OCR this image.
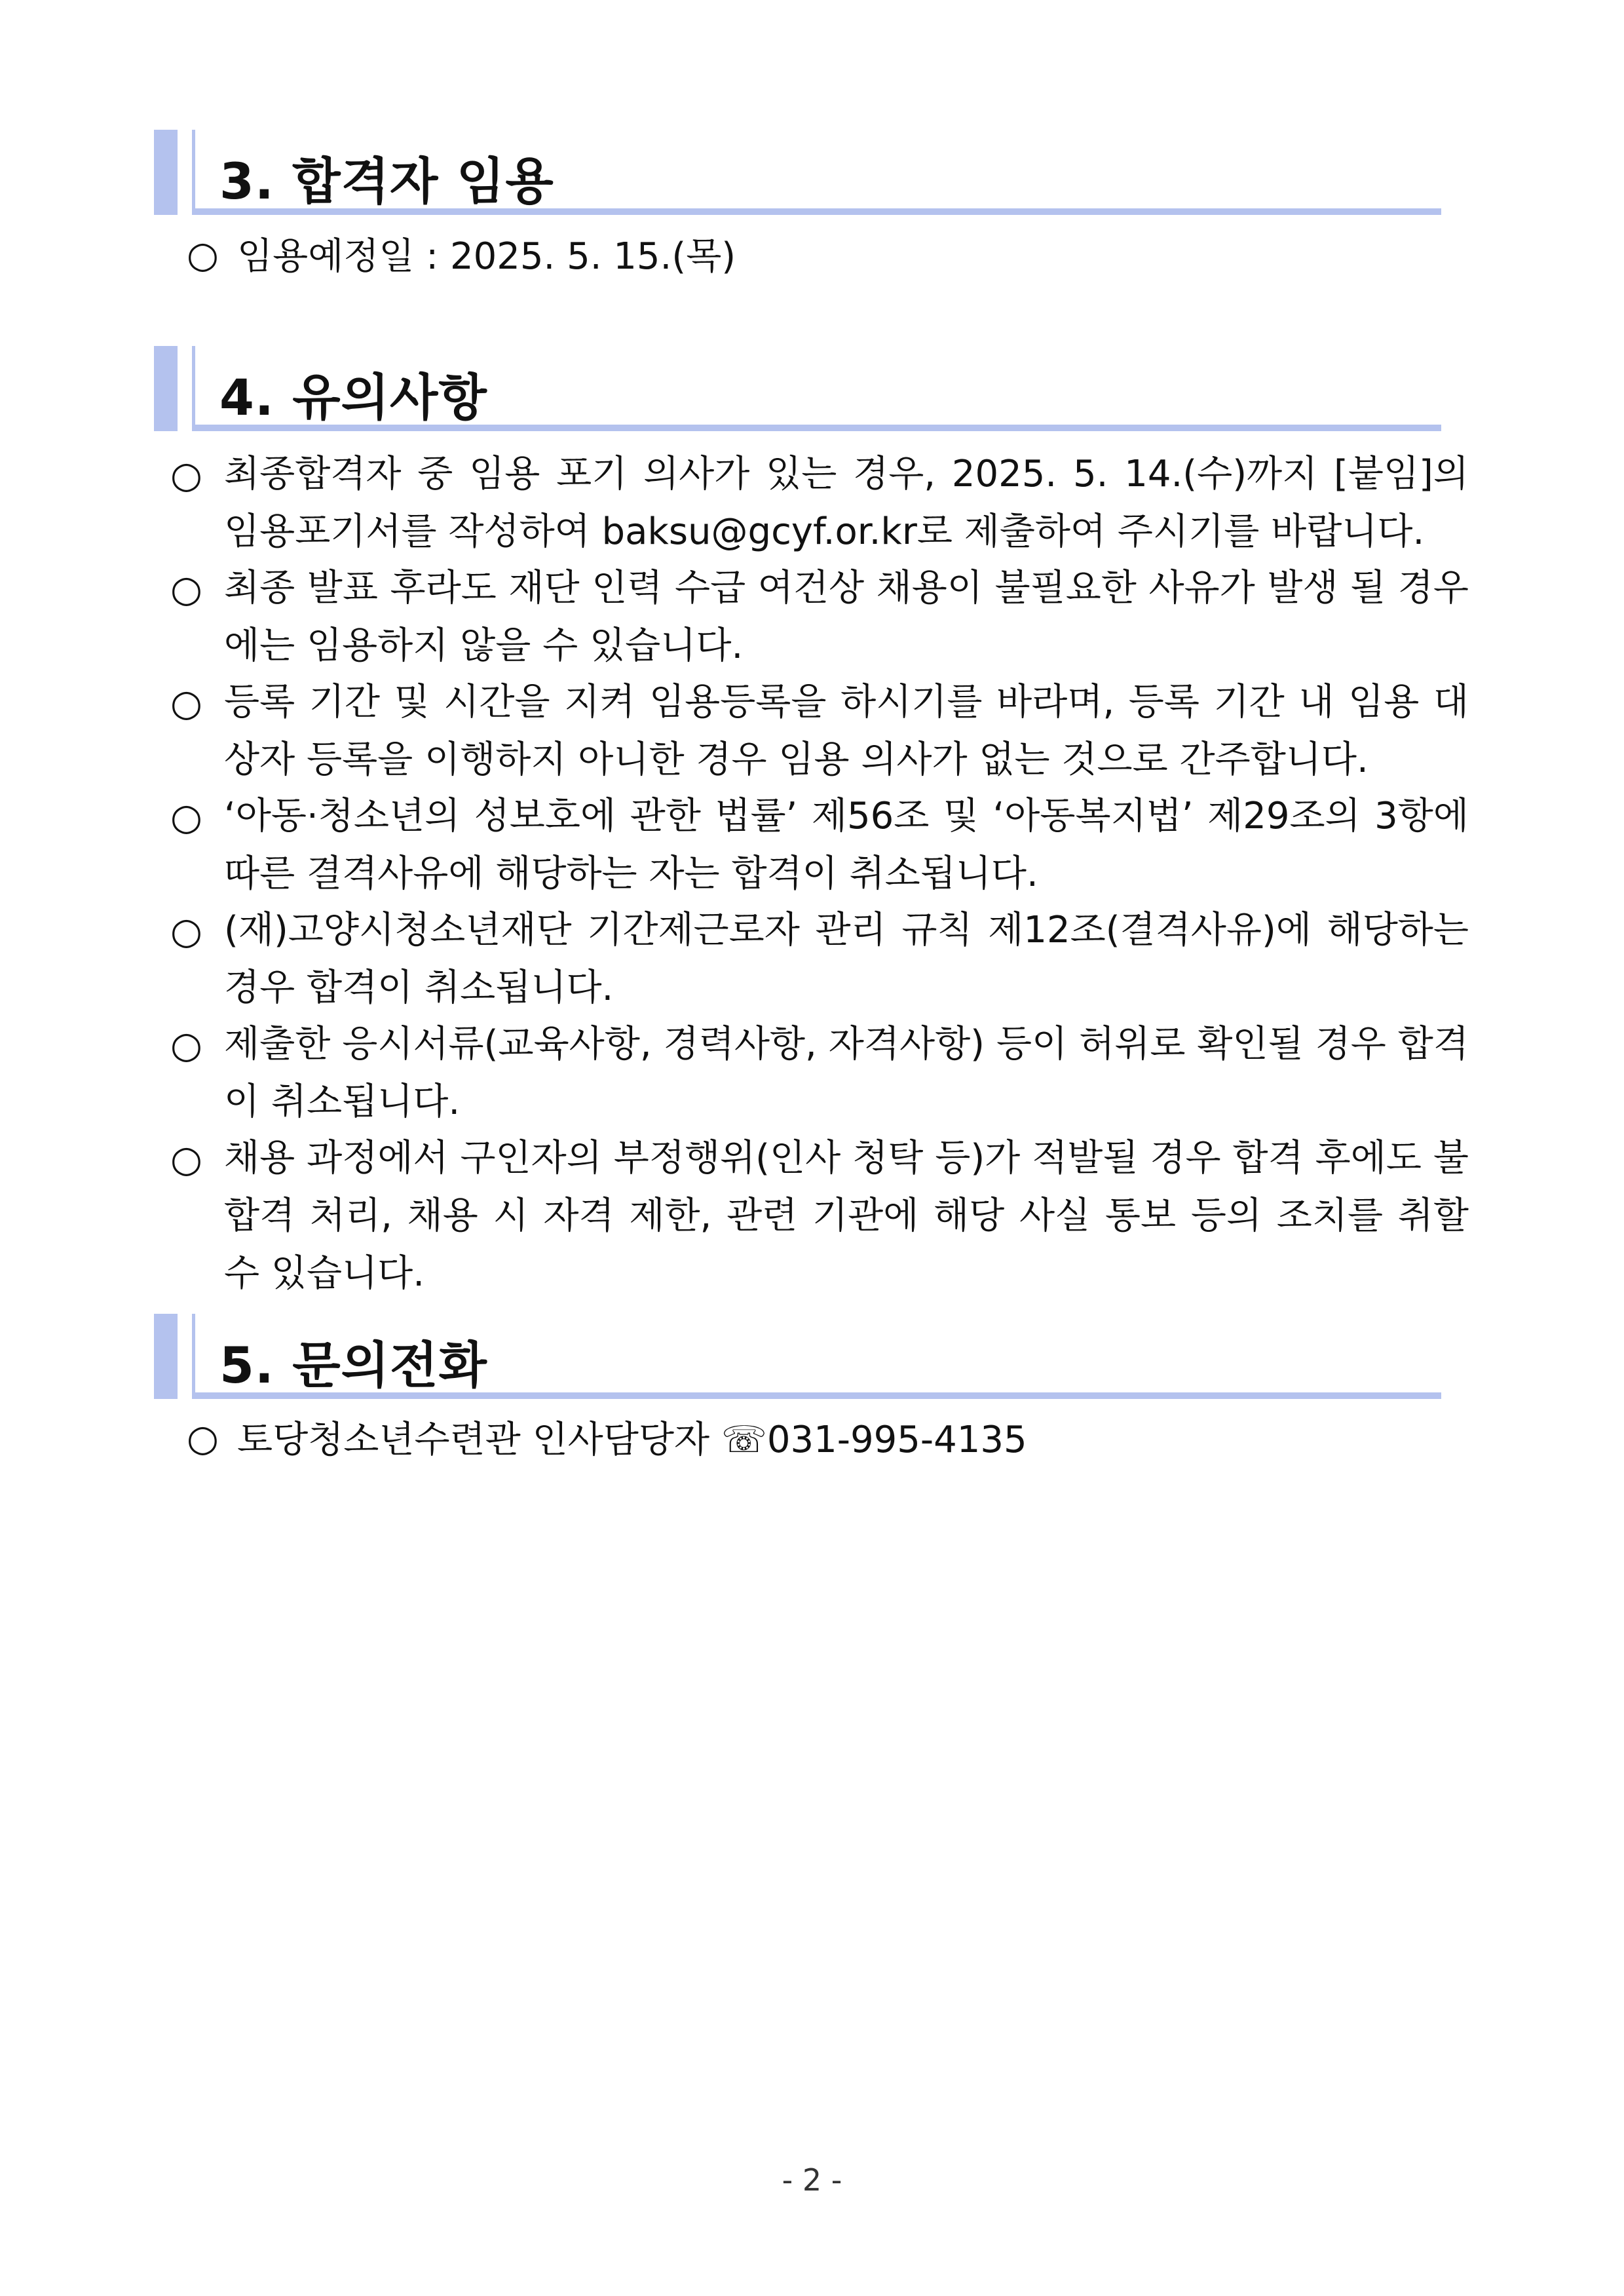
3. 합격자 임용
○ 임용예정일 : 2025. 5. 15.(목)
4. 유의사항
○ 최종합격자 중 임용 포기 의사가 있는 경우, 2025. 5. 14.(수)까지 [붙임]의 임용포기서를 작성하여 baksu@gcyf.or.kr로 제출하여 주시기를 바랍니다.
○ 최종 발표 후라도 재단 인력 수급 여건상 채용이 불필요한 사유가 발생 될 경우에는 임용하지 않을 수 있습니다.
○ 등록 기간 및 시간을 지켜 임용등록을 하시기를 바라며, 등록 기간 내 임용 대상자 등록을 이행하지 아니한 경우 임용 의사가 없는 것으로 간주합니다.
○ ‘아동·청소년의 성보호에 관한 법률’ 제56조 및 ‘아동복지법’ 제29조의 3항에 따른 결격사유에 해당하는 자는 합격이 취소됩니다.
○ (재)고양시청소년재단 기간제근로자 관리 규칙 제12조(결격사유)에 해당하는 경우 합격이 취소됩니다.
○ 제출한 응시서류(교육사항, 경력사항, 자격사항) 등이 허위로 확인될 경우 합격이 취소됩니다.
○ 채용 과정에서 구인자의 부정행위(인사 청탁 등)가 적발될 경우 합격 후에도 불합격 처리, 채용 시 자격 제한, 관련 기관에 해당 사실 통보 등의 조치를 취할 수 있습니다.
5. 문의전화
○ 토당청소년수련관 인사담당자 ☏031-995-4135
- 2 -
